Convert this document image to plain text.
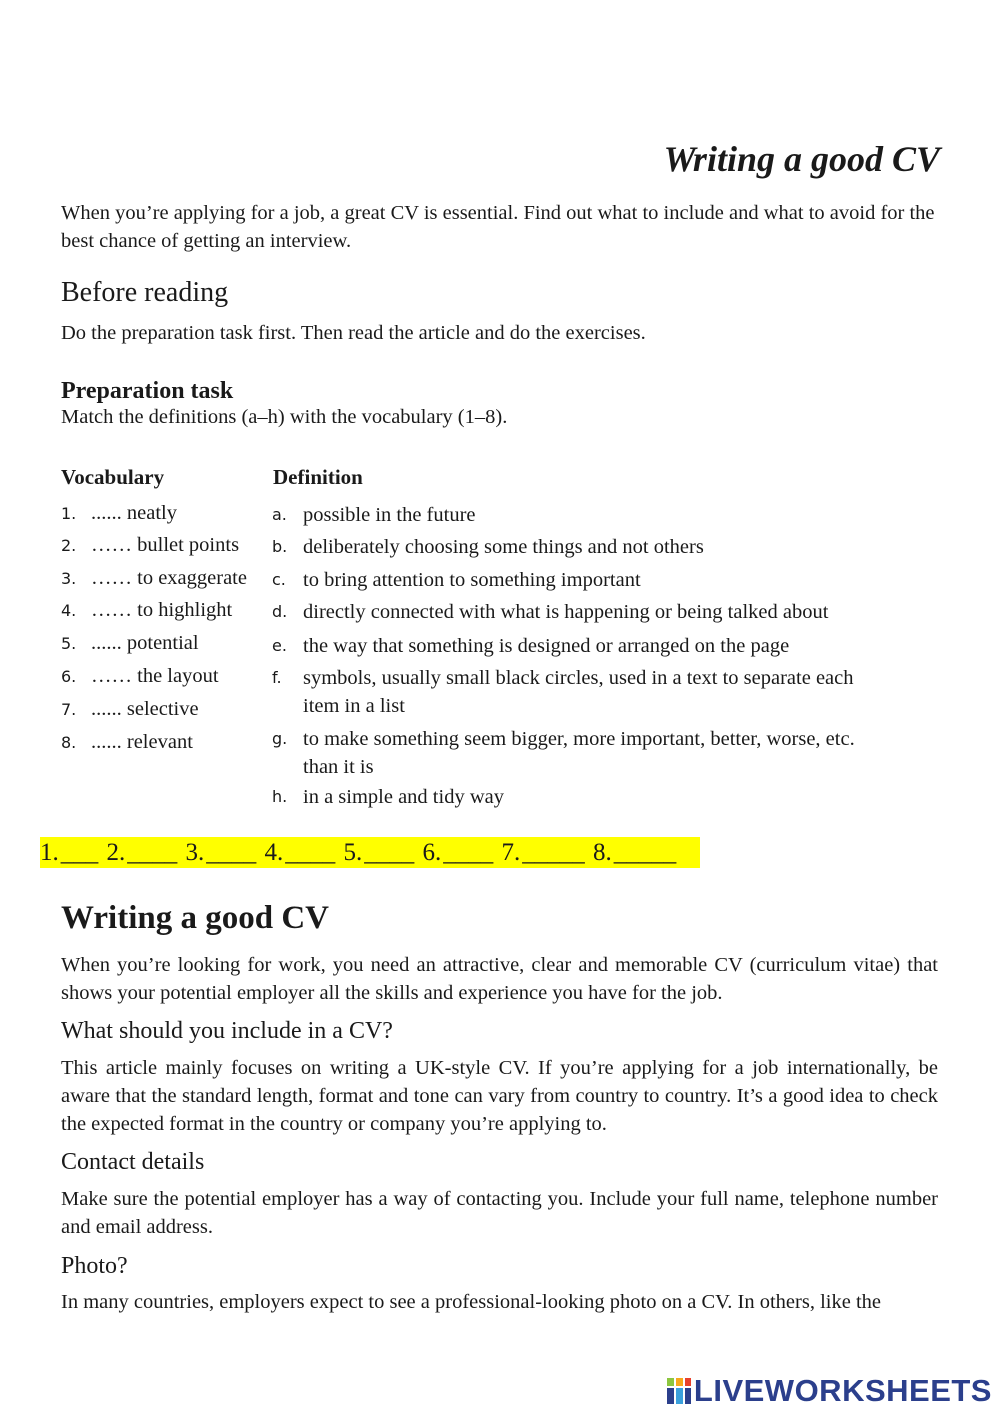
Writing a good CV
When you’re applying for a job, a great CV is essential. Find out what to include and what to avoid for the best chance of getting an interview.
Before reading
Do the preparation task first. Then read the article and do the exercises.
Preparation task
Match the definitions (a–h) with the vocabulary (1–8).
Vocabulary	Definition
1. ...... neatly
2. …… bullet points
3. …… to exaggerate
4. …… to highlight
5. ...... potential
6. …… the layout
7. ...... selective
8. ...... relevant
a. possible in the future
b. deliberately choosing some things and not others
c. to bring attention to something important
d. directly connected with what is happening or being talked about
e. the way that something is designed or arranged on the page
f. symbols, usually small black circles, used in a text to separate each item in a list
g. to make something seem bigger, more important, better, worse, etc. than it is
h. in a simple and tidy way
1.___ 2.____ 3.____ 4.____ 5.____ 6.____ 7._____ 8._____
Writing a good CV
When you’re looking for work, you need an attractive, clear and memorable CV (curriculum vitae) that shows your potential employer all the skills and experience you have for the job.
What should you include in a CV?
This article mainly focuses on writing a UK-style CV. If you’re applying for a job internationally, be aware that the standard length, format and tone can vary from country to country. It’s a good idea to check the expected format in the country or company you’re applying to.
Contact details
Make sure the potential employer has a way of contacting you. Include your full name, telephone number and email address.
Photo?
In many countries, employers expect to see a professional-looking photo on a CV. In others, like the
LIVEWORKSHEETS
